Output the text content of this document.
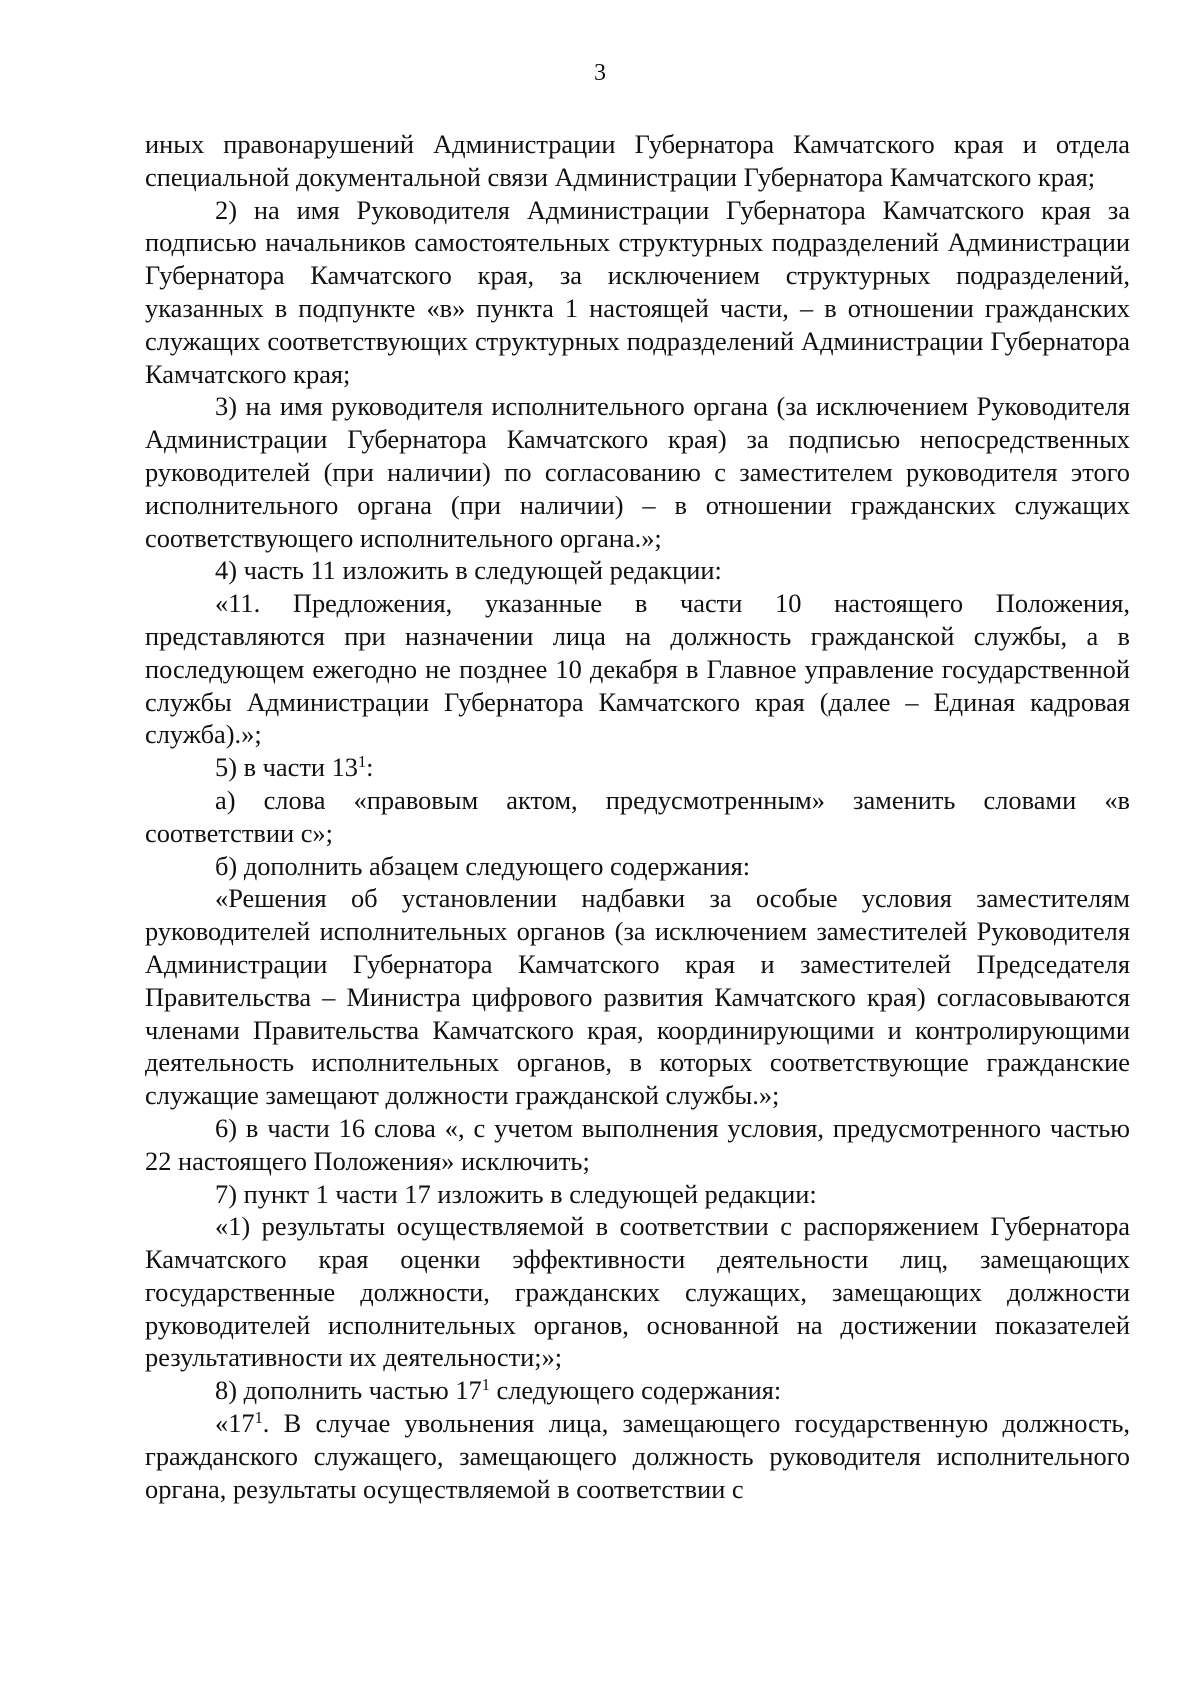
3

иных правонарушений Администрации Губернатора Камчатского края и отдела специальной документальной связи Администрации Губернатора Камчатского края;

2) на имя Руководителя Администрации Губернатора Камчатского края за подписью начальников самостоятельных структурных подразделений Администрации Губернатора Камчатского края, за исключением структурных подразделений, указанных в подпункте «в» пункта 1 настоящей части, – в отношении гражданских служащих соответствующих структурных подразделений Администрации Губернатора Камчатского края;

3) на имя руководителя исполнительного органа (за исключением Руководителя Администрации Губернатора Камчатского края) за подписью непосредственных руководителей (при наличии) по согласованию с заместителем руководителя этого исполнительного органа (при наличии) – в отношении гражданских служащих соответствующего исполнительного органа.»;

4) часть 11 изложить в следующей редакции:

«11. Предложения, указанные в части 10 настоящего Положения, представляются при назначении лица на должность гражданской службы, а в последующем ежегодно не позднее 10 декабря в Главное управление государственной службы Администрации Губернатора Камчатского края (далее – Единая кадровая служба).»;

5) в части $13^1$:

а) слова «правовым актом, предусмотренным» заменить словами «в соответствии с»;

б) дополнить абзацем следующего содержания:

«Решения об установлении надбавки за особые условия заместителям руководителей исполнительных органов (за исключением заместителей Руководителя Администрации Губернатора Камчатского края и заместителей Председателя Правительства – Министра цифрового развития Камчатского края) согласовываются членами Правительства Камчатского края, координирующими и контролирующими деятельность исполнительных органов, в которых соответствующие гражданские служащие замещают должности гражданской службы.»;

6) в части 16 слова «, с учетом выполнения условия, предусмотренного частью 22 настоящего Положения» исключить;

7) пункт 1 части 17 изложить в следующей редакции:

«1) результаты осуществляемой в соответствии с распоряжением Губернатора Камчатского края оценки эффективности деятельности лиц, замещающих государственные должности, гражданских служащих, замещающих должности руководителей исполнительных органов, основанной на достижении показателей результативности их деятельности;»;

8) дополнить частью $17^1$ следующего содержания:

«$17^1$. В случае увольнения лица, замещающего государственную должность, гражданского служащего, замещающего должность руководителя исполнительного органа, результаты осуществляемой в соответствии с
